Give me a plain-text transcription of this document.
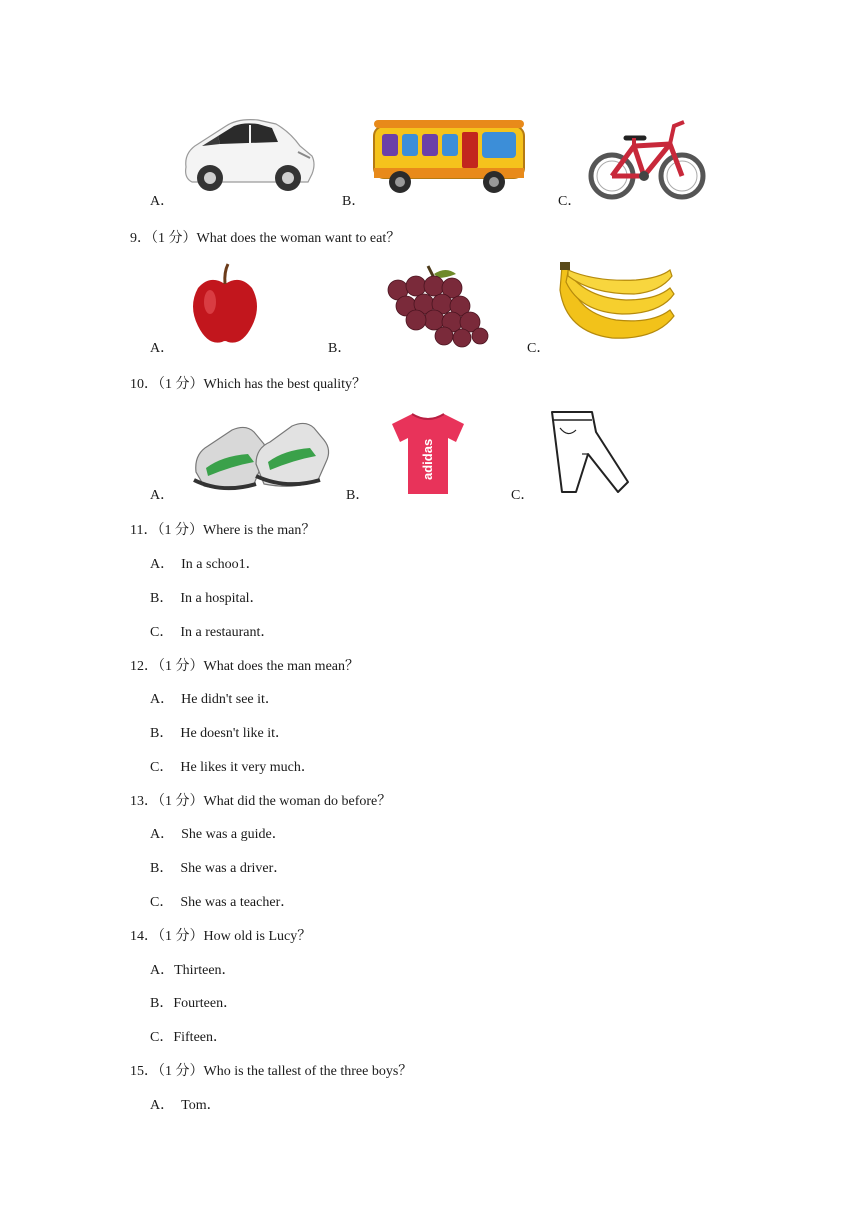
A．	B．	C．
9．（1 分）What does the woman want to eat？
A．	B．	C．
10．（1 分）Which has the best quality？
A．
adidas
B．	C．
11．（1 分）Where is the man？
A． In a schoo1．
B． In a hospital．
C． In a restaurant．
12．（1 分）What does the man mean？
A． He didn't see it．
B． He doesn't like it．
C． He likes it very much．
13．（1 分）What did the woman do before？
A． She was a guide．
B． She was a driver．
C． She was a teacher．
14．（1 分）How old is Lucy？
A．Thirteen．
B．Fourteen．
C．Fifteen．
15．（1 分）Who is the tallest of the three boys？
A． Tom．
